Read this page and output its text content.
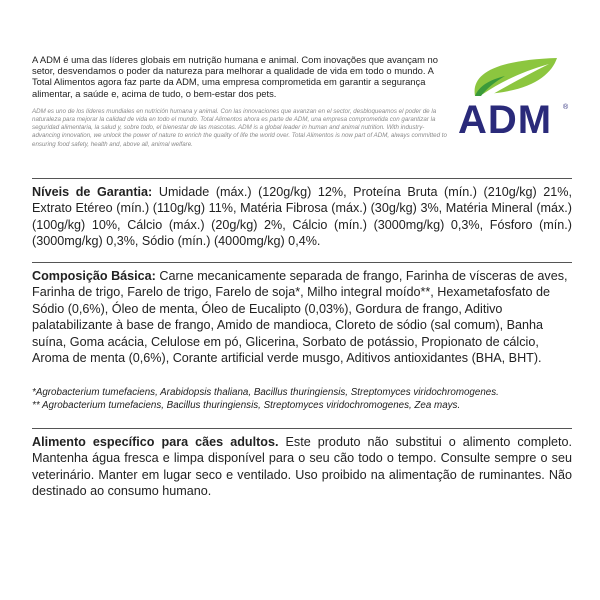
A ADM é uma das líderes globais em nutrição humana e animal. Com inovações que avançam no setor, desvendamos o poder da natureza para melhorar a qualidade de vida em todo o mundo. A Total Alimentos agora faz parte da ADM, uma empresa comprometida em garantir a segurança alimentar, a saúde e, acima de tudo, o bem-estar dos pets.

ADM es uno de los líderes mundiales en nutrición humana y animal. Con las innovaciones que avanzan en el sector, desbloqueamos el poder de la naturaleza para mejorar la calidad de vida en todo el mundo. Total Alimentos ahora es parte de ADM, una empresa comprometida con garantizar la seguridad alimentaria, la salud y, sobre todo, el bienestar de las mascotas. ADM is a global leader in human and animal nutrition. With industry-advancing innovation, we unlock the power of nature to enrich the quality of life the world over. Total Alimentos is now part of ADM, always committed to ensuring food safety, health and, above all, animal welfare.

ADM ®

Níveis de Garantia: Umidade (máx.) (120g/kg) 12%, Proteína Bruta (mín.) (210g/kg) 21%, Extrato Etéreo (mín.) (110g/kg) 11%, Matéria Fibrosa (máx.) (30g/kg) 3%, Matéria Mineral (máx.) (100g/kg) 10%, Cálcio (máx.) (20g/kg) 2%, Cálcio (mín.) (3000mg/kg) 0,3%, Fósforo (mín.) (3000mg/kg) 0,3%, Sódio (mín.) (4000mg/kg) 0,4%.

Composição Básica: Carne mecanicamente separada de frango, Farinha de vísceras de aves, Farinha de trigo, Farelo de trigo, Farelo de soja*, Milho integral moído**, Hexametafosfato de Sódio (0,6%), Óleo de menta, Óleo de Eucalipto (0,03%), Gordura de frango, Aditivo palatabilizante à base de frango, Amido de mandioca, Cloreto de sódio (sal comum), Banha suína, Goma acácia, Celulose em pó, Glicerina, Sorbato de potássio, Propionato de cálcio, Aroma de menta (0,6%), Corante artificial verde musgo, Aditivos antioxidantes (BHA, BHT).

*Agrobacterium tumefaciens, Arabidopsis thaliana, Bacillus thuringiensis, Streptomyces viridochromogenes.
** Agrobacterium tumefaciens, Bacillus thuringiensis, Streptomyces viridochromogenes, Zea mays.

Alimento específico para cães adultos. Este produto não substitui o alimento completo. Mantenha água fresca e limpa disponível para o seu cão todo o tempo. Consulte sempre o seu veterinário. Manter em lugar seco e ventilado. Uso proibido na alimentação de ruminantes. Não destinado ao consumo humano.
